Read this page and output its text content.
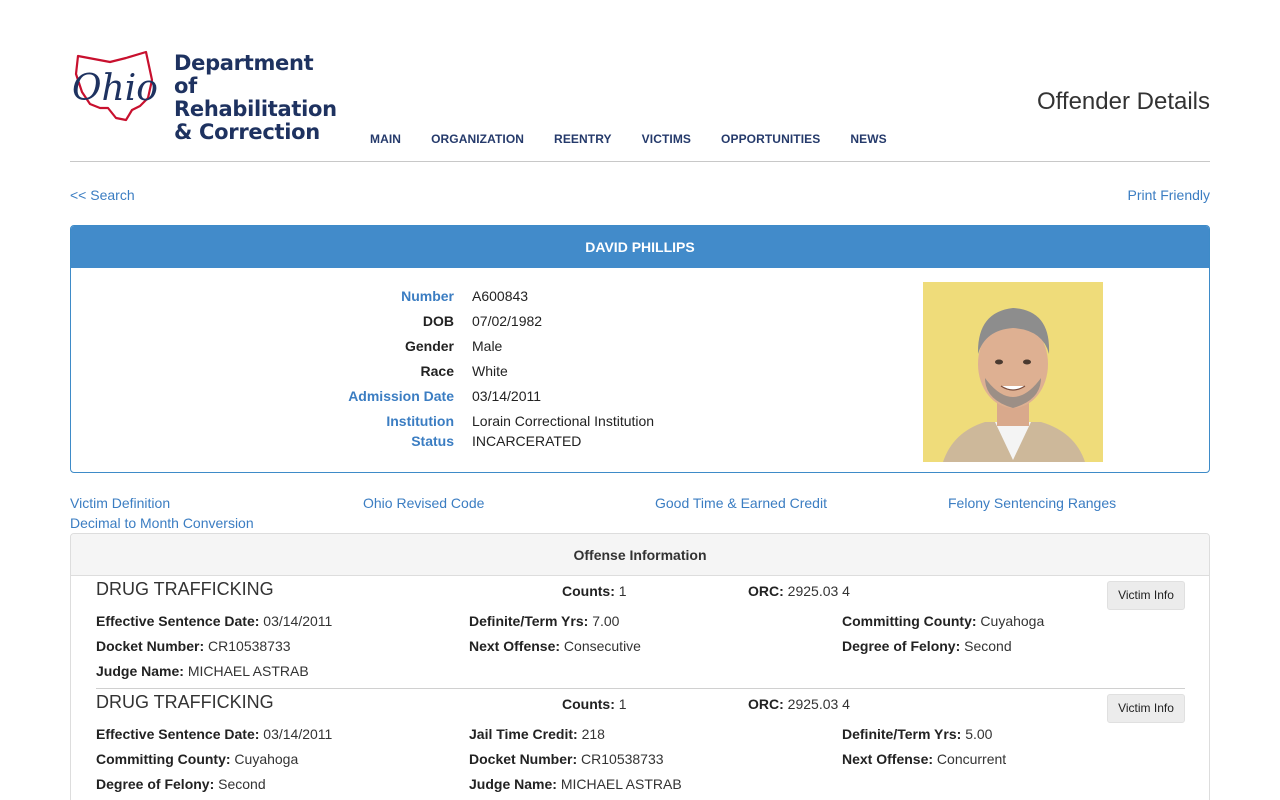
Ohio
Department of
Rehabilitation
& Correction
Offender Details
MAIN	ORGANIZATION	REENTRY	VICTIMS	OPPORTUNITIES	NEWS
<< Search	Print Friendly
DAVID PHILLIPS
Number A600843
DOB 07/02/1982
Gender Male
Race White
Admission Date 03/14/2011
Institution Lorain Correctional Institution
Status INCARCERATED
Victim Definition	Ohio Revised Code	Good Time & Earned Credit	Felony Sentencing Ranges
Decimal to Month Conversion
Offense Information
DRUG TRAFFICKING	Counts: 1	ORC: 2925.03 4	Victim Info
Effective Sentence Date: 03/14/2011	Definite/Term Yrs: 7.00	Committing County: Cuyahoga
Docket Number: CR10538733	Next Offense: Consecutive	Degree of Felony: Second
Judge Name: MICHAEL ASTRAB
DRUG TRAFFICKING	Counts: 1	ORC: 2925.03 4	Victim Info
Effective Sentence Date: 03/14/2011	Jail Time Credit: 218	Definite/Term Yrs: 5.00
Committing County: Cuyahoga	Docket Number: CR10538733	Next Offense: Concurrent
Degree of Felony: Second	Judge Name: MICHAEL ASTRAB
